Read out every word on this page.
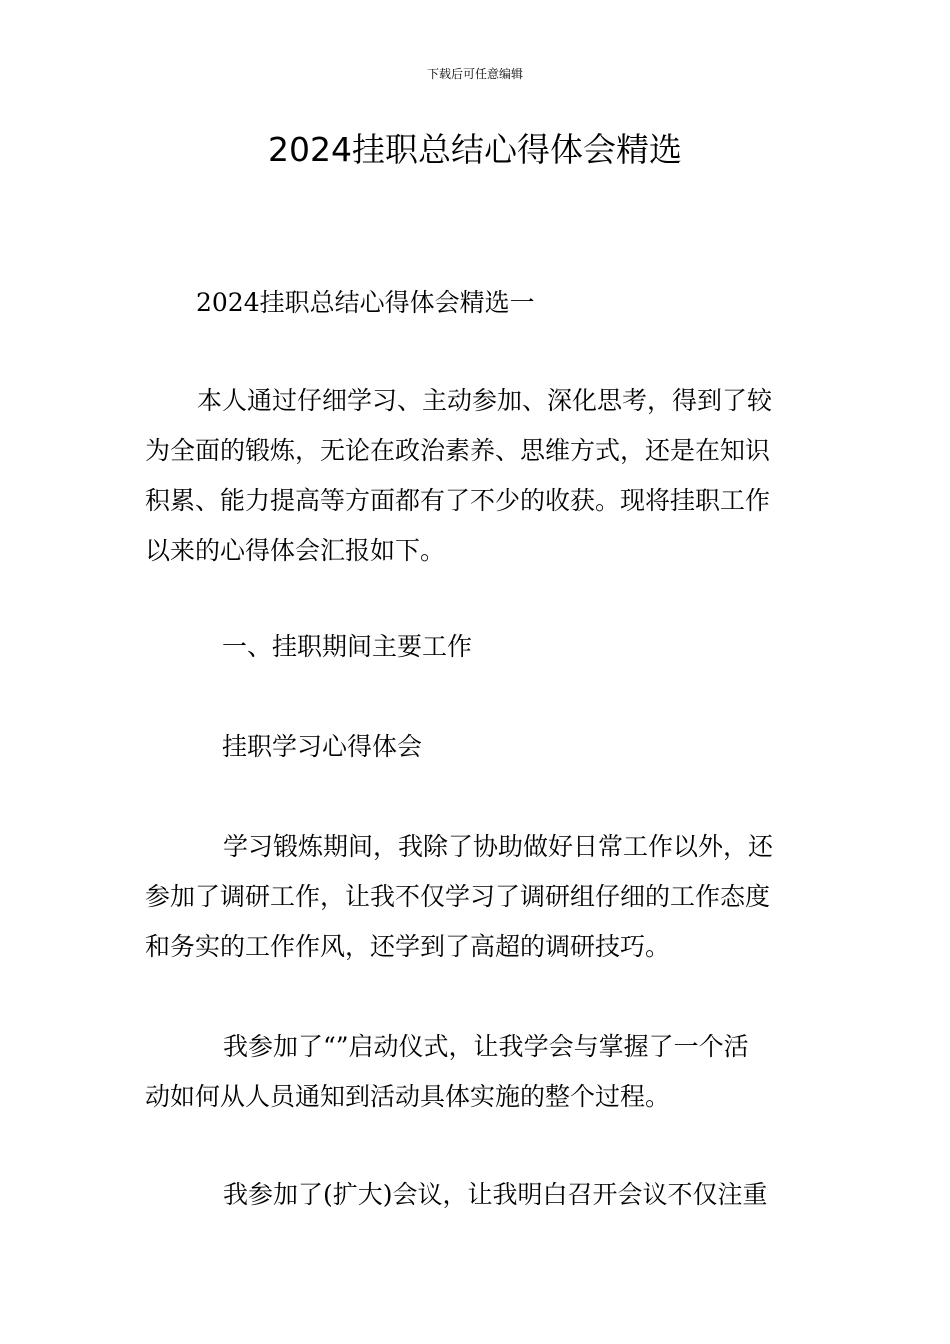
下载后可任意编辑
2024挂职总结心得体会精选

2024挂职总结心得体会精选一

本人通过仔细学习、主动参加、深化思考，得到了较
为全面的锻炼，无论在政治素养、思维方式，还是在知识
积累、能力提高等方面都有了不少的收获。现将挂职工作
以来的心得体会汇报如下。

一、挂职期间主要工作

挂职学习心得体会

学习锻炼期间，我除了协助做好日常工作以外，还
参加了调研工作，让我不仅学习了调研组仔细的工作态度
和务实的工作作风，还学到了高超的调研技巧。

我参加了“”启动仪式，让我学会与掌握了一个活
动如何从人员通知到活动具体实施的整个过程。

我参加了(扩大)会议，让我明白召开会议不仅注重
